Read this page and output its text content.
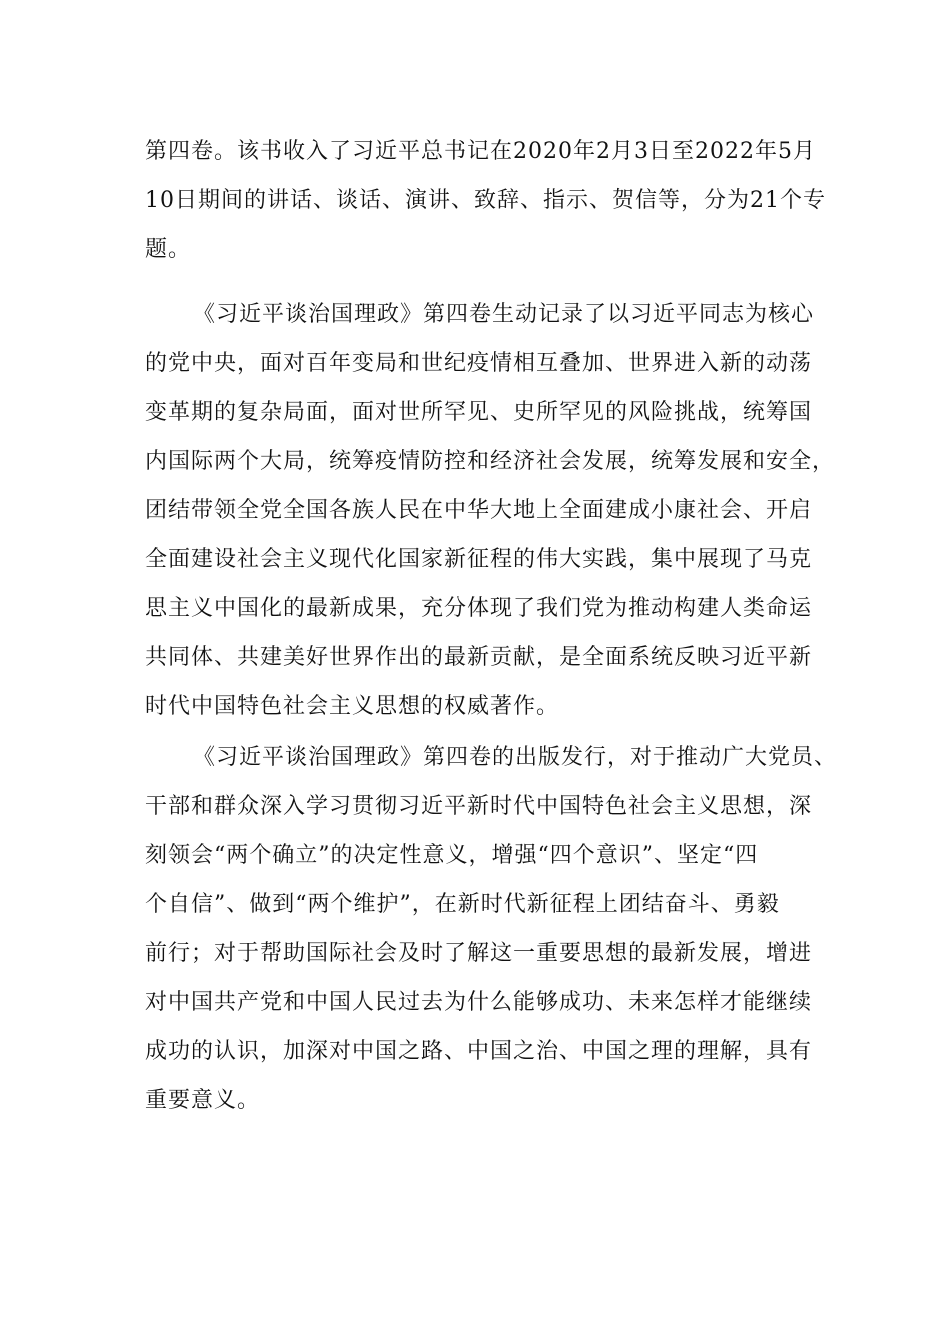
第四卷。该书收入了习近平总书记在2020年2月3日至2022年5月
10日期间的讲话、谈话、演讲、致辞、指示、贺信等，分为21个专
题。
《习近平谈治国理政》第四卷生动记录了以习近平同志为核心
的党中央，面对百年变局和世纪疫情相互叠加、世界进入新的动荡
变革期的复杂局面，面对世所罕见、史所罕见的风险挑战，统筹国
内国际两个大局，统筹疫情防控和经济社会发展，统筹发展和安全，
团结带领全党全国各族人民在中华大地上全面建成小康社会、开启
全面建设社会主义现代化国家新征程的伟大实践，集中展现了马克
思主义中国化的最新成果，充分体现了我们党为推动构建人类命运
共同体、共建美好世界作出的最新贡献，是全面系统反映习近平新
时代中国特色社会主义思想的权威著作。
《习近平谈治国理政》第四卷的出版发行，对于推动广大党员、
干部和群众深入学习贯彻习近平新时代中国特色社会主义思想，深
刻领会“两个确立”的决定性意义，增强“四个意识”、坚定“四
个自信”、做到“两个维护”，在新时代新征程上团结奋斗、勇毅
前行；对于帮助国际社会及时了解这一重要思想的最新发展，增进
对中国共产党和中国人民过去为什么能够成功、未来怎样才能继续
成功的认识，加深对中国之路、中国之治、中国之理的理解，具有
重要意义。
